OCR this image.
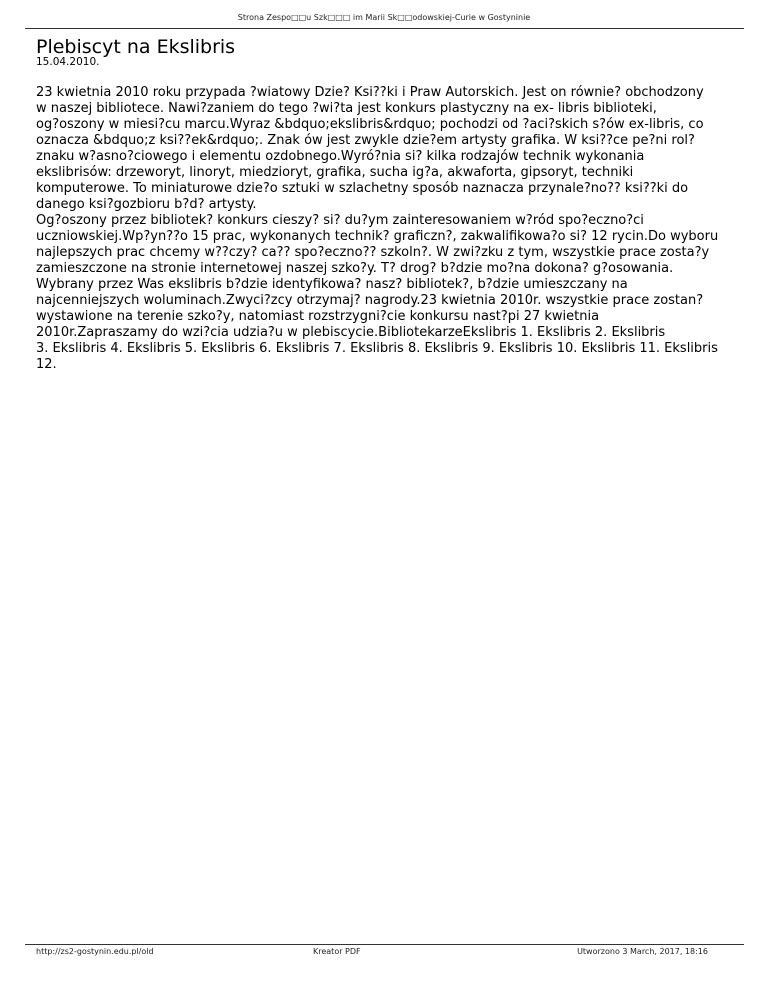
Strona Zespo□□u Szk□□□ im Marii Sk□□odowskiej-Curie w Gostyninie
Plebiscyt na Ekslibris
15.04.2010.
23 kwietnia 2010 roku przypada ?wiatowy Dzie? Ksi??ki i Praw Autorskich. Jest on równie? obchodzony
w naszej bibliotece. Nawi?zaniem do tego ?wi?ta jest konkurs plastyczny na ex- libris biblioteki,
og?oszony w miesi?cu marcu.Wyraz &bdquo;ekslibris&rdquo; pochodzi od ?aci?skich s?ów ex-libris, co
oznacza &bdquo;z ksi??ek&rdquo;. Znak ów jest zwykle dzie?em artysty grafika. W ksi??ce pe?ni rol?
znaku w?asno?ciowego i elementu ozdobnego.Wyró?nia si? kilka rodzajów technik wykonania
ekslibrisów: drzeworyt, linoryt, miedzioryt, grafika, sucha ig?a, akwaforta, gipsoryt, techniki
komputerowe. To miniaturowe dzie?o sztuki w szlachetny sposób naznacza przynale?no?? ksi??ki do
danego ksi?gozbioru b?d? artysty.
Og?oszony przez bibliotek? konkurs cieszy? si? du?ym zainteresowaniem w?ród spo?eczno?ci
uczniowskiej.Wp?yn??o 15 prac, wykonanych technik? graficzn?, zakwalifikowa?o si? 12 rycin.Do wyboru
najlepszych prac chcemy w??czy? ca?? spo?eczno?? szkoln?. W zwi?zku z tym, wszystkie prace zosta?y
zamieszczone na stronie internetowej naszej szko?y. T? drog? b?dzie mo?na dokona? g?osowania.
Wybrany przez Was ekslibris b?dzie identyfikowa? nasz? bibliotek?, b?dzie umieszczany na
najcenniejszych woluminach.Zwyci?zcy otrzymaj? nagrody.23 kwietnia 2010r. wszystkie prace zostan?
wystawione na terenie szko?y, natomiast rozstrzygni?cie konkursu nast?pi 27 kwietnia
2010r.Zapraszamy do wzi?cia udzia?u w plebiscycie.BibliotekarzeEkslibris 1. Ekslibris 2. Ekslibris
3. Ekslibris 4. Ekslibris 5. Ekslibris 6. Ekslibris 7. Ekslibris 8. Ekslibris 9. Ekslibris 10. Ekslibris 11. Ekslibris
12.
http://zs2-gostynin.edu.pl/old	Kreator PDF	Utworzono 3 March, 2017, 18:16
